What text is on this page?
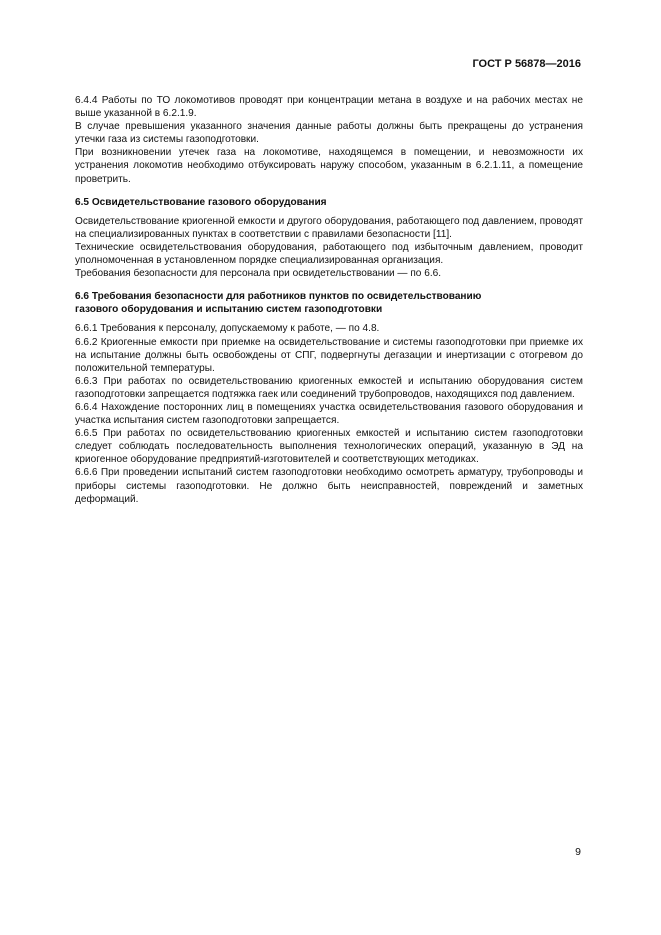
ГОСТ Р 56878—2016

6.4.4 Работы по ТО локомотивов проводят при концентрации метана в воздухе и на рабочих местах не выше указанной в 6.2.1.9.

В случае превышения указанного значения данные работы должны быть прекращены до устранения утечки газа из системы газоподготовки.

При возникновении утечек газа на локомотиве, находящемся в помещении, и невозможности их устранения локомотив необходимо отбуксировать наружу способом, указанным в 6.2.1.11, а помещение проветрить.

6.5 Освидетельствование газового оборудования

Освидетельствование криогенной емкости и другого оборудования, работающего под давлением, проводят на специализированных пунктах в соответствии с правилами безопасности [11].

Технические освидетельствования оборудования, работающего под избыточным давлением, проводит уполномоченная в установленном порядке специализированная организация.

Требования безопасности для персонала при освидетельствовании — по 6.6.

6.6 Требования безопасности для работников пунктов по освидетельствованию
газового оборудования и испытанию систем газоподготовки

6.6.1 Требования к персоналу, допускаемому к работе, — по 4.8.

6.6.2 Криогенные емкости при приемке на освидетельствование и системы газоподготовки при приемке их на испытание должны быть освобождены от СПГ, подвергнуты дегазации и инертизации с отогревом до положительной температуры.

6.6.3 При работах по освидетельствованию криогенных емкостей и испытанию оборудования систем газоподготовки запрещается подтяжка гаек или соединений трубопроводов, находящихся под давлением.

6.6.4 Нахождение посторонних лиц в помещениях участка освидетельствования газового оборудования и участка испытания систем газоподготовки запрещается.

6.6.5 При работах по освидетельствованию криогенных емкостей и испытанию систем газоподготовки следует соблюдать последовательность выполнения технологических операций, указанную в ЭД на криогенное оборудование предприятий-изготовителей и соответствующих методиках.

6.6.6 При проведении испытаний систем газоподготовки необходимо осмотреть арматуру, трубопроводы и приборы системы газоподготовки. Не должно быть неисправностей, повреждений и заметных деформаций.

9
